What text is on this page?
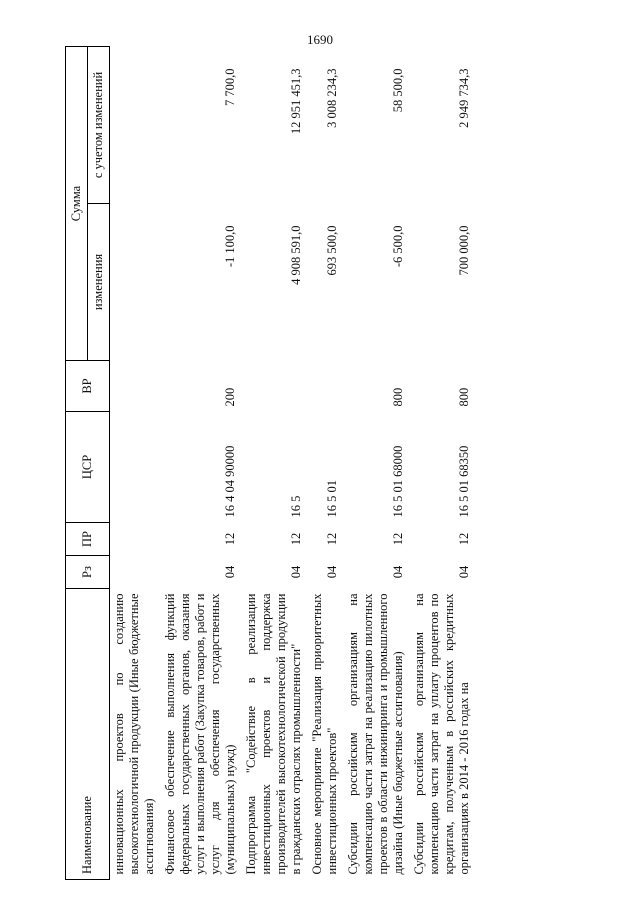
1690
Наименование	Рз	ПР	ЦСР	ВР	Сумма	
					изменения	с учетом изменений
инновационных проектов по созданию высокотехнологичной продукции (Иные бюджетные ассигнования)						
Финансовое обеспечение выполнения функций федеральных государственных органов, оказания услуг и выполнения работ (Закупка товаров, работ и услуг для обеспечения государственных (муниципальных) нужд)	04	12	16 4 04 90000	200	-1 100,0	7 700,0
Подпрограмма "Содействие в реализации инвестиционных проектов и поддержка производителей высокотехнологической продукции в гражданских отраслях промышленности"	04	12	16 5		4 908 591,0	12 951 451,3
Основное мероприятие "Реализация приоритетных инвестиционных проектов"	04	12	16 5 01		693 500,0	3 008 234,3
Субсидии российским организациям на компенсацию части затрат на реализацию пилотных проектов в области инжиниринга и промышленного дизайна (Иные бюджетные ассигнования)	04	12	16 5 01 68000	800	-6 500,0	58 500,0
Субсидии российским организациям на компенсацию части затрат на уплату процентов по кредитам, полученным в российских кредитных организациях в 2014 - 2016 годах на	04	12	16 5 01 68350	800	700 000,0	2 949 734,3
